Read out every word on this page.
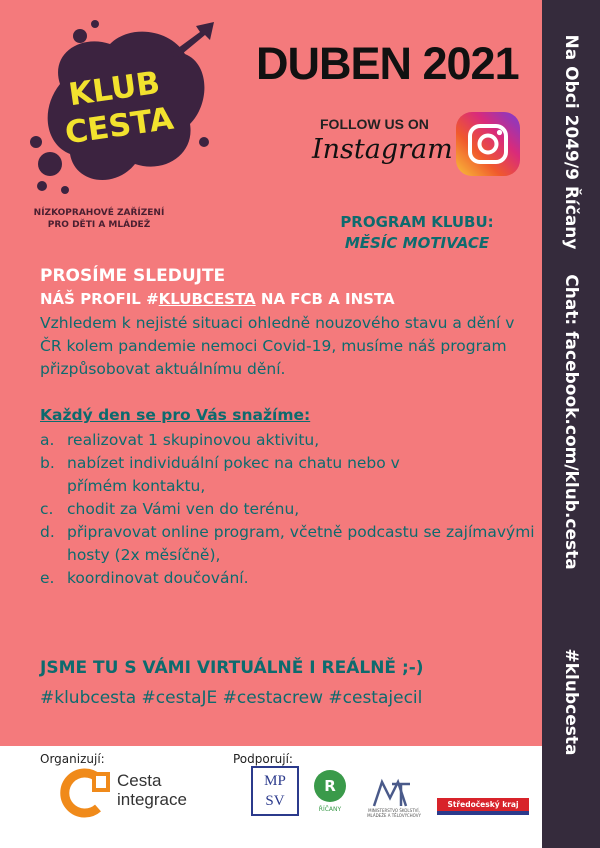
Na Obci 2049/9 Říčany
Chat: facebook.com/klub.cesta
#klubcesta
KLUB
CESTA
NÍZKOPRAHOVÉ ZAŘÍZENÍ
PRO DĚTI A MLÁDEŽ
DUBEN 2021
FOLLOW US ON
Instagram
PROGRAM KLUBU:
MĚSÍC MOTIVACE
PROSÍME SLEDUJTE
NÁŠ PROFIL #KLUBCESTA NA FCB A INSTA
Vzhledem k nejisté situaci ohledně nouzového stavu a dění v ČR kolem pandemie nemoci Covid-19, musíme náš program přizpůsobovat aktuálnímu dění.
Každý den se pro Vás snažíme:
a. realizovat 1 skupinovou aktivitu,
b. nabízet individuální pokec na chatu nebo v přímém kontaktu,
c. chodit za Vámi ven do terénu,
d. připravovat online program, včetně podcastu se zajímavými hosty (2x měsíčně),
e. koordinovat doučování.
JSME TU S VÁMI VIRTUÁLNĚ I REÁLNĚ ;-)
#klubcesta #cestaJE #cestacrew #cestajecil
Organizují:
Cesta
integrace
Podporují:
MP
SV
R
ŘÍČANY	MINISTERSTVO ŠKOLSTVÍ, MLÁDEŽE A TĚLOVÝCHOVY
Středočeský kraj
